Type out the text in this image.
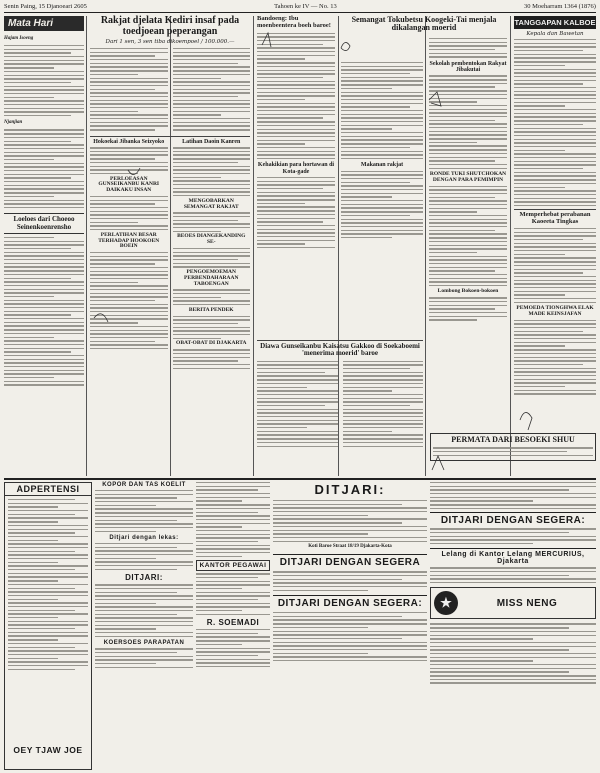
Senin Paing, 15 Djanoeari 2605	Tahoen ke IV — No. 13	30 Moeharram 1364 (1876)
Mata Hari
Hajam Isoeng
Njanjian
Loeloes dari Choeoo Seinenkoenrensho
Rakjat djelata Kediri insaf pada toedjoean peperangan
Dari 1 sen, 3 sen tiba dikoempoel / 100.000.—
Hokoekai Jibanka Seizyoko
PERLOEASAN GUNSEIKANBU KANRI DAIKAKU INSAN
PERLATIHAN BESAR TERHADAP HOOKOEN BOEIN
Latihan Daoin Kanren
MENGOBARKAN SEMANGAT RAKJAT
BEOES DIANGEKANDING SE-
PENGOEMOEMAN PERBENDAHARAAN TABOENGAN
BERITA PENDEK
OBAT-OBAT DI DJAKARTA
Bandoeng: Ibu moenbeentera boeh baroe!
Kehakikian para hortawan di Kota-gade
Makanan rakjat
Semangat Tokubetsu Koogeki-Tai menjala dikalangan moerid
Sekolah pembentokan Rakyat Jibakutai
RONDE TUKI SHUTCHOKAN DENGAN PARA PEMIMPIN
Lombong Bokoen-bokoen
Diawa Gunseikanbu Kaisatsu Gakkoo di Soekaboemi 'menerima moerid' baroe
TANGGAPAN KALBOE
Kepala dan Bawetan
Memperhebat perabanan Kaoeeta Tingkas
PEMOEDA TIONGHWA ELAK MADE KEINSJAFAN
PERMATA DARI BESOEKI SHUU
ADPERTENSI
OEY TJAW JOE
KOPOR DAN TAS KOELIT
Ditjari dengan lekas:
DITJARI:
KOERSOES PARAPATAN
KANTOR PEGAWAI
R. SOEMADI
DITJARI:
Koti Baroe Straat 18/19 Djakarta-Kota
DITJARI DENGAN SEGERA
DITJARI DENGAN SEGERA:
DITJARI DENGAN SEGERA:
Lelang di Kantor Lelang MERCURIUS, Djakarta
★	MISS NENG
